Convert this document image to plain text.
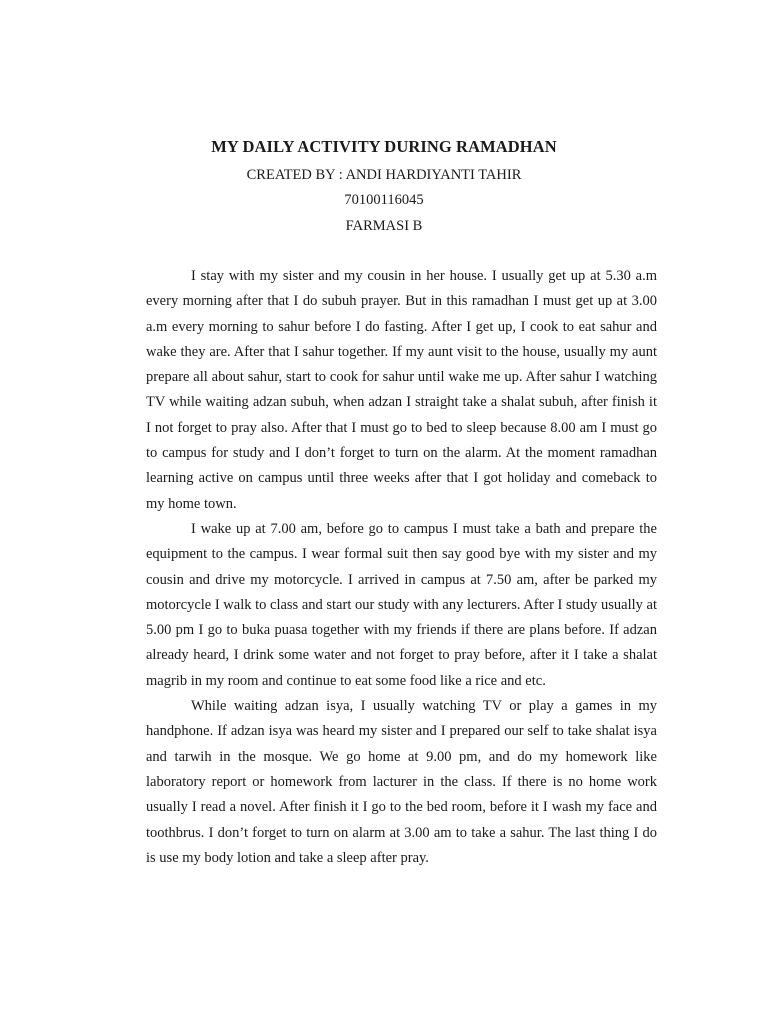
MY DAILY ACTIVITY DURING RAMADHAN
CREATED BY : ANDI HARDIYANTI TAHIR
70100116045
FARMASI B

I stay with my sister and my cousin in her house. I usually get up at 5.30 a.m every morning after that I do subuh prayer. But in this ramadhan I must get up at 3.00 a.m every morning to sahur before I do fasting. After I get up, I cook to eat sahur and wake they are. After that I sahur together. If my aunt visit to the house, usually my aunt prepare all about sahur, start to cook for sahur until wake me up. After sahur I watching TV while waiting adzan subuh, when adzan I straight take a shalat subuh, after finish it I not forget to pray also. After that I must go to bed to sleep because 8.00 am I must go to campus for study and I don’t forget to turn on the alarm. At the moment ramadhan learning active on campus until three weeks after that I got holiday and comeback to my home town.

I wake up at 7.00 am, before go to campus I must take a bath and prepare the equipment to the campus. I wear formal suit then say good bye with my sister and my cousin and drive my motorcycle. I arrived in campus at 7.50 am, after be parked my motorcycle I walk to class and start our study with any lecturers. After I study usually at 5.00 pm I go to buka puasa together with my friends if there are plans before. If adzan already heard, I drink some water and not forget to pray before, after it I take a shalat magrib in my room and continue to eat some food like a rice and etc.

While waiting adzan isya, I usually watching TV or play a games in my handphone. If adzan isya was heard my sister and I prepared our self to take shalat isya and tarwih in the mosque. We go home at 9.00 pm, and do my homework like laboratory report or homework from lacturer in the class. If there is no home work usually I read a novel. After finish it I go to the bed room, before it I wash my face and toothbrus. I don’t forget to turn on alarm at 3.00 am to take a sahur. The last thing I do is use my body lotion and take a sleep after pray.
